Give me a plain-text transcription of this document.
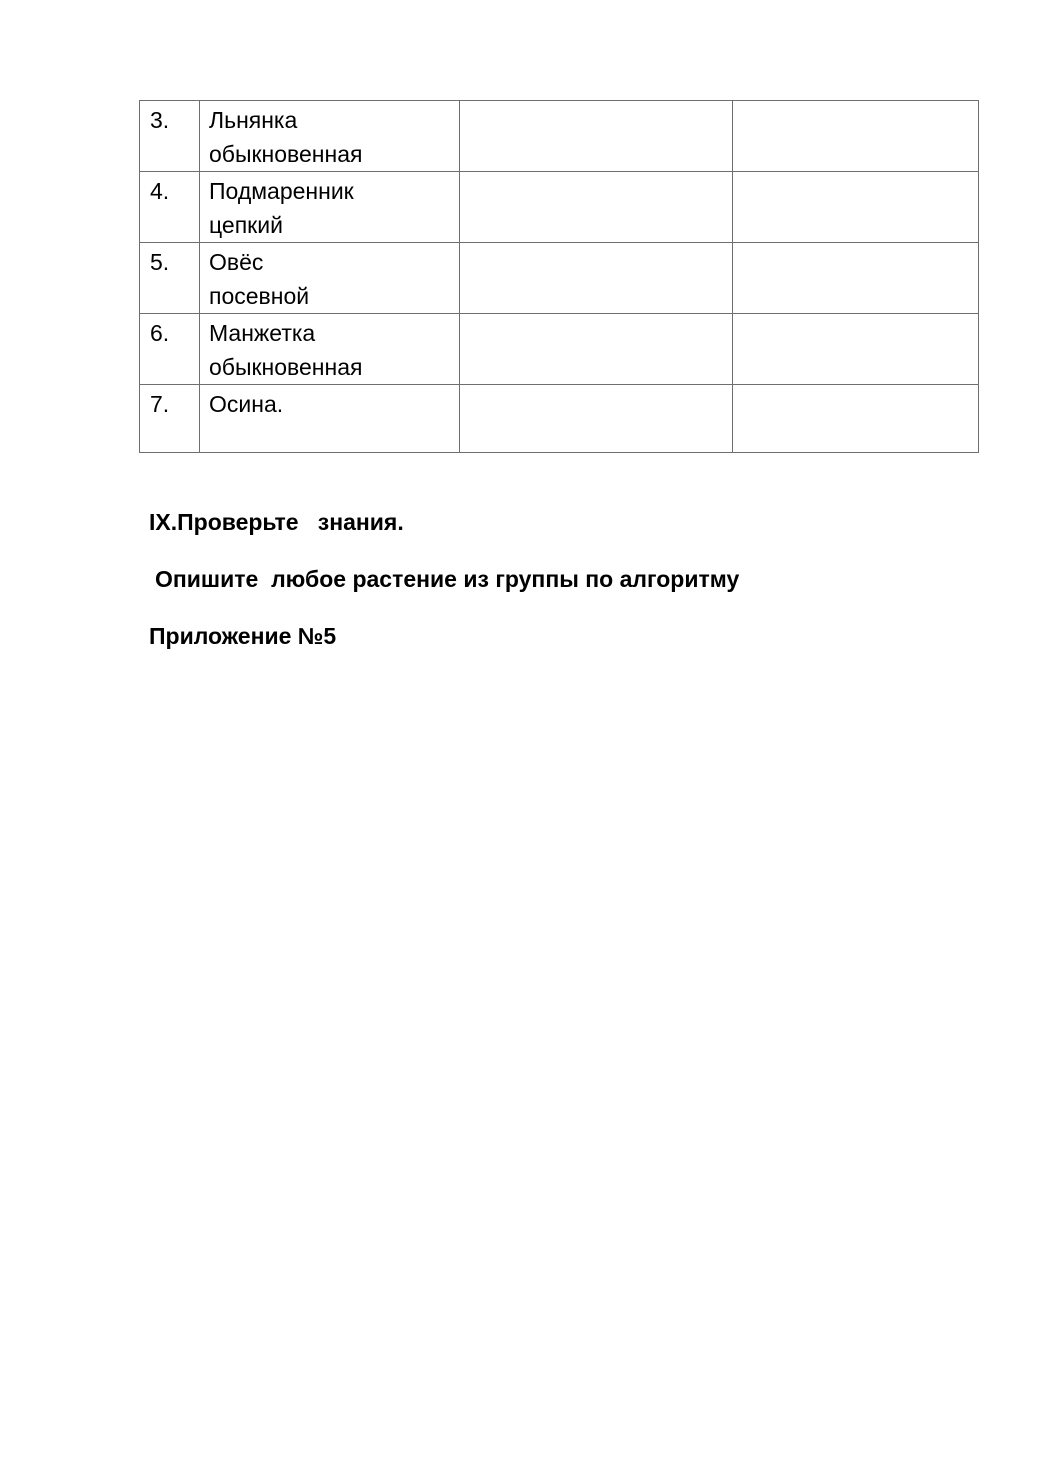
3.	Льнянка
обыкновенная		

4.	Подмаренник
цепкий		

5.	Овёс
посевной		

6.	Манжетка
обыкновенная		

7.	Осина.		

IX.Проверьте   знания.
Опишите  любое растение из группы по алгоритму
Приложение №5
